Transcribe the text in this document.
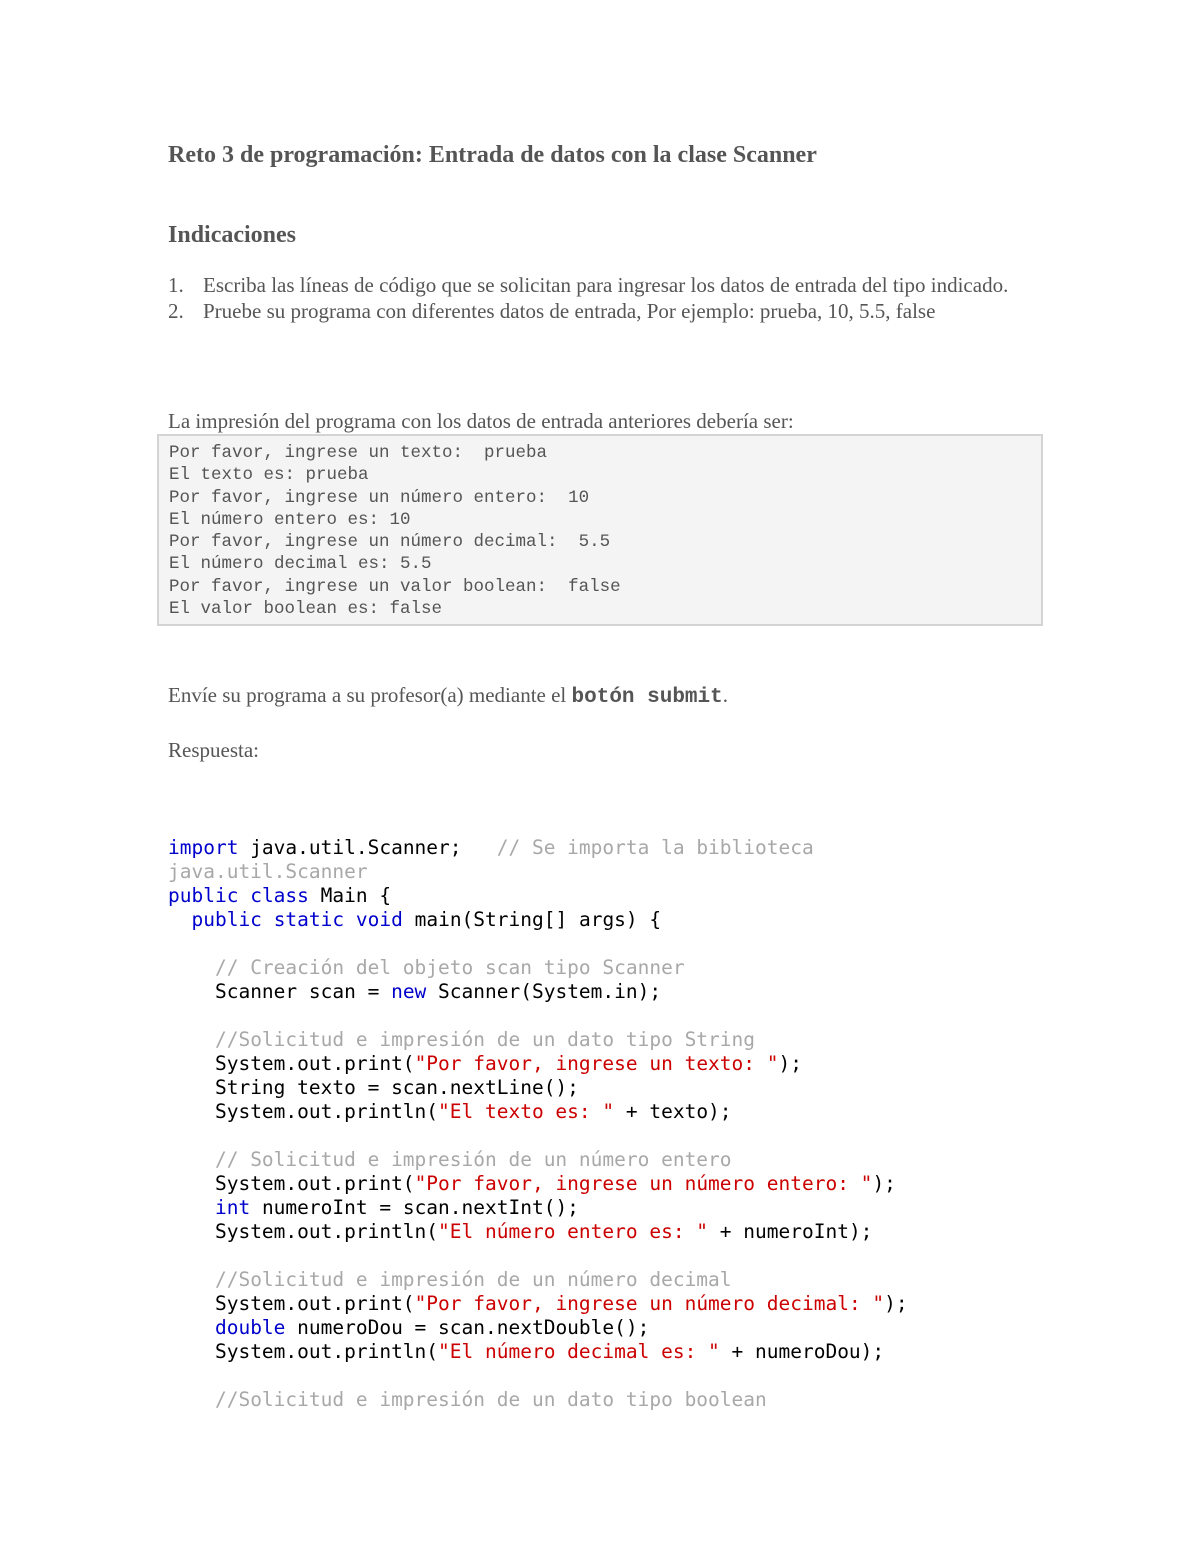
Reto 3 de programación: Entrada de datos con la clase Scanner
Indicaciones
1. Escriba las líneas de código que se solicitan para ingresar los datos de entrada del tipo indicado.
2. Pruebe su programa con diferentes datos de entrada, Por ejemplo: prueba, 10, 5.5, false

La impresión del programa con los datos de entrada anteriores debería ser:

Por favor, ingrese un texto:  prueba
El texto es: prueba
Por favor, ingrese un número entero:  10
El número entero es: 10
Por favor, ingrese un número decimal:  5.5
El número decimal es: 5.5
Por favor, ingrese un valor boolean:  false
El valor boolean es: false

Envíe su programa a su profesor(a) mediante el botón submit.

Respuesta:

import java.util.Scanner;   // Se importa la biblioteca
java.util.Scanner
public class Main {
public static void main(String[] args) {
// Creación del objeto scan tipo Scanner
Scanner scan = new Scanner(System.in);
//Solicitud e impresión de un dato tipo String
System.out.print("Por favor, ingrese un texto: ");
String texto = scan.nextLine();
System.out.println("El texto es: " + texto);
// Solicitud e impresión de un número entero
System.out.print("Por favor, ingrese un número entero: ");
int numeroInt = scan.nextInt();
System.out.println("El número entero es: " + numeroInt);
//Solicitud e impresión de un número decimal
System.out.print("Por favor, ingrese un número decimal: ");
double numeroDou = scan.nextDouble();
System.out.println("El número decimal es: " + numeroDou);
//Solicitud e impresión de un dato tipo boolean
